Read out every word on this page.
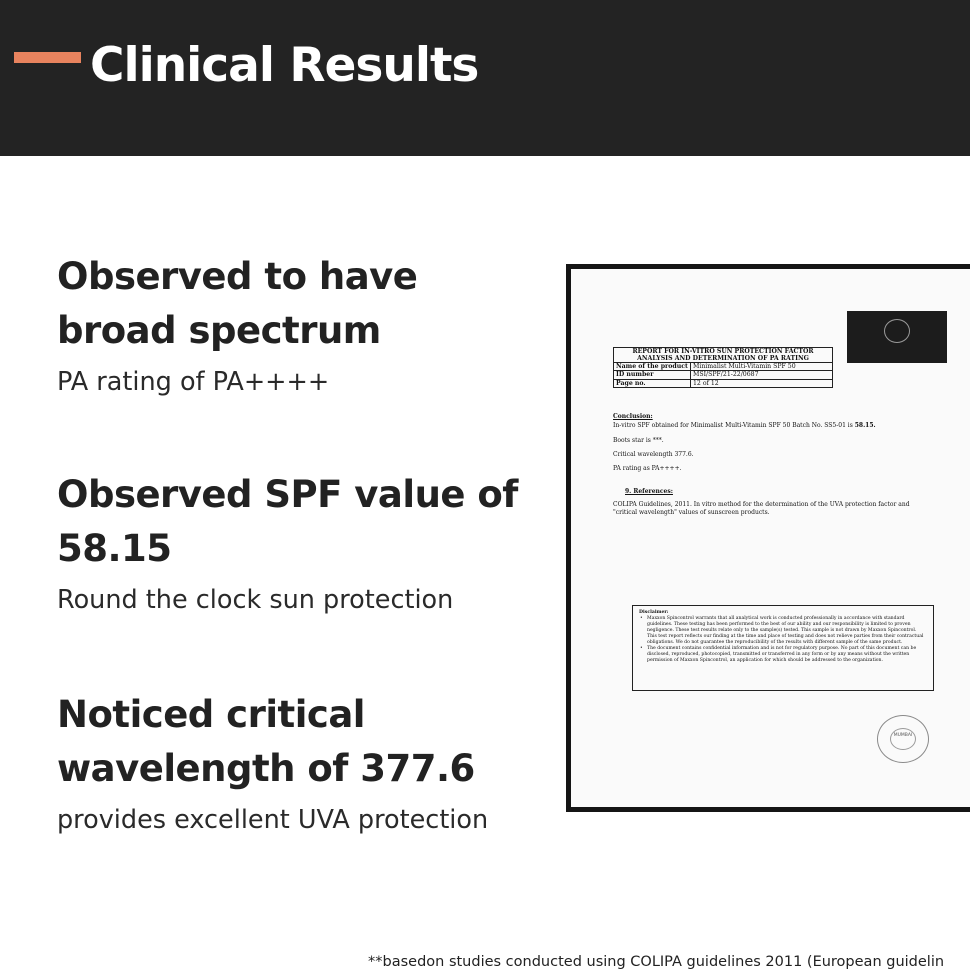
Clinical Results
Observed to have broad spectrum

PA rating of PA++++

Observed SPF value of 58.15

Round the clock sun protection

Noticed critical wavelength of 377.6

provides excellent UVA protection

REPORT FOR IN-VITRO SUN PROTECTION FACTOR
ANALYSIS AND DETERMINATION OF PA RATING	

Name of the product	Minimalist Multi-Vitamin SPF 50
ID number	MSI/SPF/21-22/0687
Page no.	12 of 12
Conclusion:
In-vitro SPF obtained for Minimalist Multi-Vitamin SPF 50 Batch No. SS5-01 is 58.15.
Boots star is ***.
Critical wavelength 377.6.
PA rating as PA++++.
9. References:
COLIPA Guidelines, 2011. In vitro method for the determination of the UVA protection factor and "critical wavelength" values of sunscreen products.
Disclaimer:
• Maxxon Spincontrol warrants that all analytical work is conducted professionally in accordance with standard guidelines. These testing has been performed to the best of our ability and our responsibility is limited to proven negligence. These test results relate only to the sample(s) tested. This sample is not drawn by Maxxon Spincontrol. This test report reflects our finding at the time and place of testing and does not relieve parties from their contractual obligations. We do not guarantee the reproducibility of the results with different sample of the same product.
• The document contains confidential information and is not for regulatory purpose. No part of this document can be disclosed, reproduced, photocopied, transmitted or transferred in any form or by any means without the written permission of Maxxon Spincontrol, an application for which should be addressed to the organization.
MUMBAI

**basedon studies conducted using COLIPA guidelines 2011 (European guidelin
